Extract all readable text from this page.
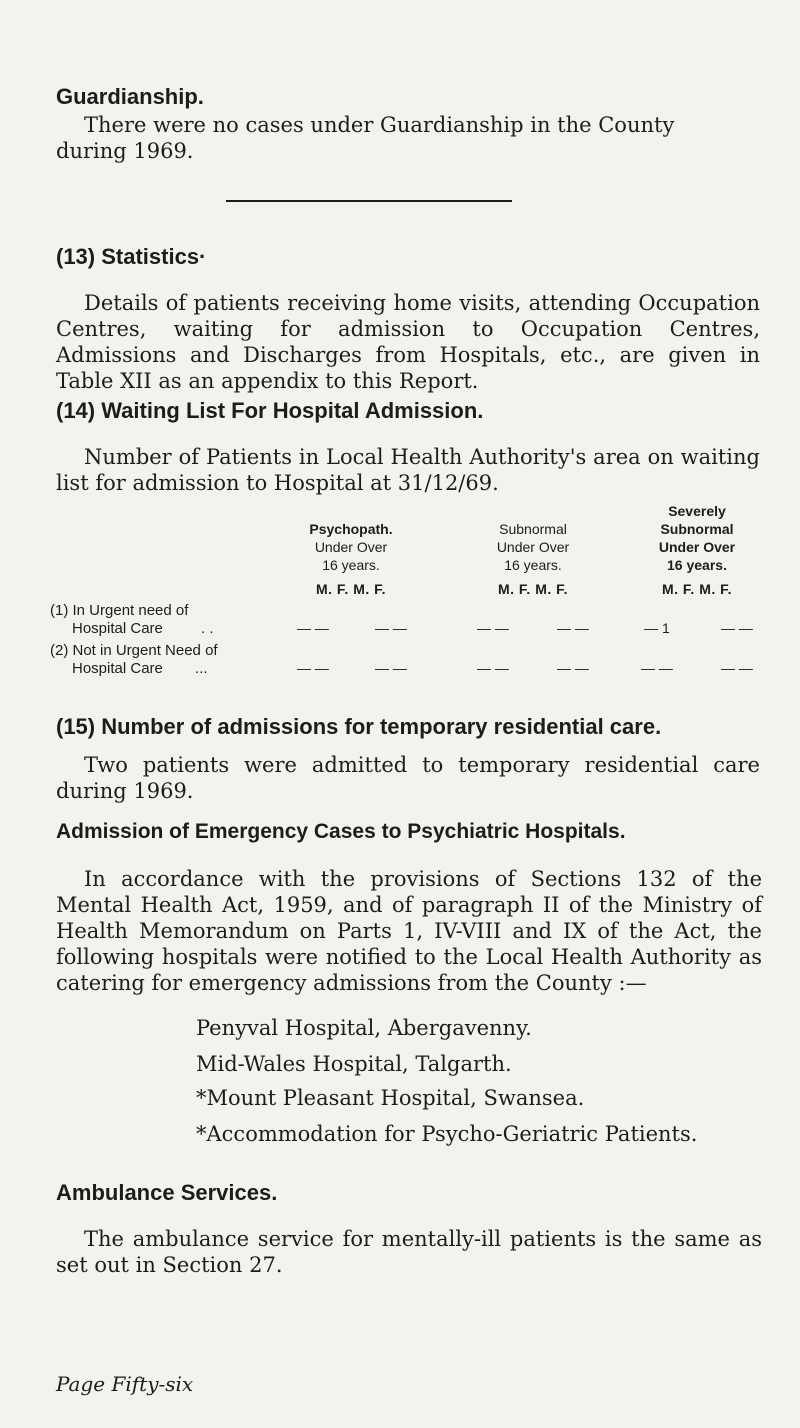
Guardianship.
There were no cases under Guardianship in the County
during 1969.
(13) Statistics·
Details of patients receiving home visits, attending Occupation Centres, waiting for admission to Occupation Centres, Admissions and Discharges from Hospitals, etc., are given in Table XII as an appendix to this Report.
(14) Waiting List For Hospital Admission.
Number of Patients in Local Health Authority's area on waiting list for admission to Hospital at 31/12/69.
Psychopath.
Under Over
16 years.
M. F. M. F.
Subnormal
Under Over
16 years.
M. F. M. F.
Severely
Subnormal
Under Over
16 years.
M. F. M. F.
(1) In Urgent need of
Hospital Care	. .	— —	— —	— —	— —	— 1	— —
(2) Not in Urgent Need of
Hospital Care ...	— —	— —	— —	— —	— —	— —
(15) Number of admissions for temporary residential care.
Two patients were admitted to temporary residential care during 1969.
Admission of Emergency Cases to Psychiatric Hospitals.
In accordance with the provisions of Sections 132 of the Mental Health Act, 1959, and of paragraph II of the Ministry of Health Memorandum on Parts 1, IV-VIII and IX of the Act, the following hospitals were notified to the Local Health Authority as catering for emergency admissions from the County :—
Penyval Hospital, Abergavenny.
Mid-Wales Hospital, Talgarth.
*Mount Pleasant Hospital, Swansea.
*Accommodation for Psycho-Geriatric Patients.
Ambulance Services.
The ambulance service for mentally-ill patients is the same as set out in Section 27.
Page Fifty-six
